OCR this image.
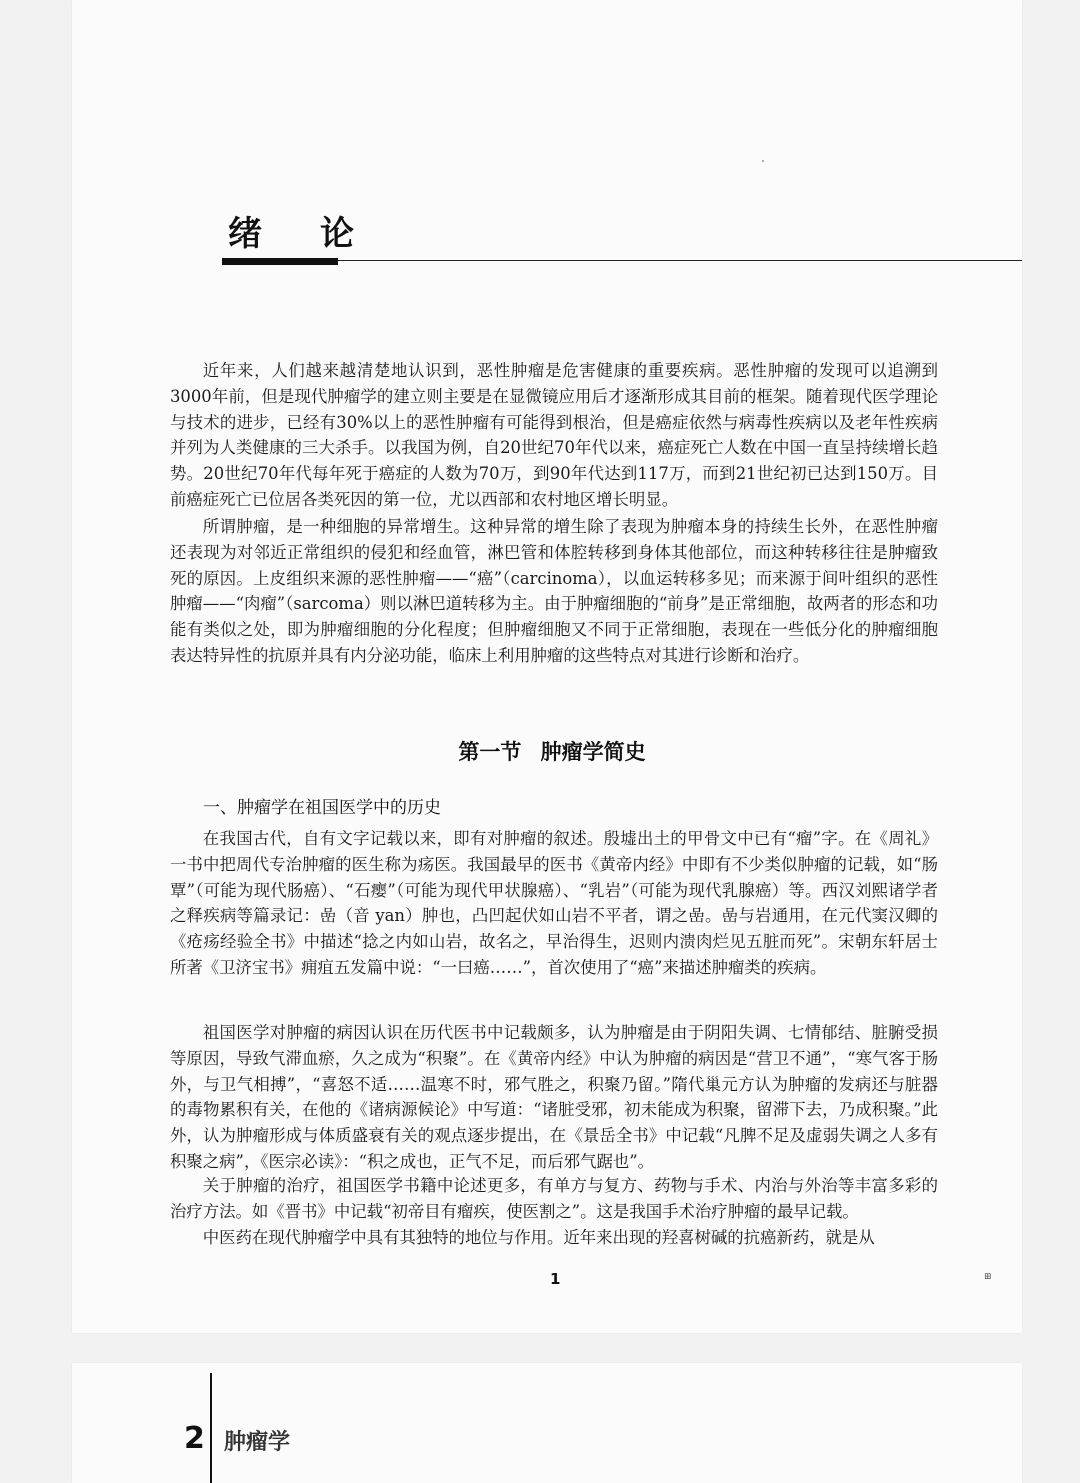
绪 论

近年来，人们越来越清楚地认识到，恶性肿瘤是危害健康的重要疾病。恶性肿瘤的发现可以追溯到3000年前，但是现代肿瘤学的建立则主要是在显微镜应用后才逐渐形成其目前的框架。随着现代医学理论与技术的进步，已经有30%以上的恶性肿瘤有可能得到根治，但是癌症依然与病毒性疾病以及老年性疾病并列为人类健康的三大杀手。以我国为例，自20世纪70年代以来，癌症死亡人数在中国一直呈持续增长趋势。20世纪70年代每年死于癌症的人数为70万，到90年代达到117万，而到21世纪初已达到150万。目前癌症死亡已位居各类死因的第一位，尤以西部和农村地区增长明显。

所谓肿瘤，是一种细胞的异常增生。这种异常的增生除了表现为肿瘤本身的持续生长外，在恶性肿瘤还表现为对邻近正常组织的侵犯和经血管，淋巴管和体腔转移到身体其他部位，而这种转移往往是肿瘤致死的原因。上皮组织来源的恶性肿瘤——“癌”（carcinoma），以血运转移多见；而来源于间叶组织的恶性肿瘤——“肉瘤”（sarcoma）则以淋巴道转移为主。由于肿瘤细胞的“前身”是正常细胞，故两者的形态和功能有类似之处，即为肿瘤细胞的分化程度；但肿瘤细胞又不同于正常细胞，表现在一些低分化的肿瘤细胞表达特异性的抗原并具有内分泌功能，临床上利用肿瘤的这些特点对其进行诊断和治疗。

第一节 肿瘤学简史
一、肿瘤学在祖国医学中的历史

在我国古代，自有文字记载以来，即有对肿瘤的叙述。殷墟出土的甲骨文中已有“瘤”字。在《周礼》一书中把周代专治肿瘤的医生称为疡医。我国最早的医书《黄帝内经》中即有不少类似肿瘤的记载，如“肠覃”（可能为现代肠癌）、“石瘿”（可能为现代甲状腺癌）、“乳岩”（可能为现代乳腺癌）等。西汉刘熙诸学者之释疾病等篇录记：嵒（音 yan）肿也，凸凹起伏如山岩不平者，谓之嵒。嵒与岩通用，在元代窦汉卿的《疮疡经验全书》中描述“捻之内如山岩，故名之，早治得生，迟则内溃肉烂见五脏而死”。宋朝东轩居士所著《卫济宝书》痈疽五发篇中说：“一曰癌……”，首次使用了“癌”来描述肿瘤类的疾病。

祖国医学对肿瘤的病因认识在历代医书中记载颇多，认为肿瘤是由于阴阳失调、七情郁结、脏腑受损等原因，导致气滞血瘀，久之成为“积聚”。在《黄帝内经》中认为肿瘤的病因是“营卫不通”，“寒气客于肠外，与卫气相搏”，“喜怒不适……温寒不时，邪气胜之，积聚乃留。”隋代巢元方认为肿瘤的发病还与脏器的毒物累积有关，在他的《诸病源候论》中写道：“诸脏受邪，初未能成为积聚，留滞下去，乃成积聚。”此外，认为肿瘤形成与体质盛衰有关的观点逐步提出，在《景岳全书》中记载“凡脾不足及虚弱失调之人多有积聚之病”，《医宗必读》：“积之成也，正气不足，而后邪气踞也”。

关于肿瘤的治疗，祖国医学书籍中论述更多，有单方与复方、药物与手术、内治与外治等丰富多彩的治疗方法。如《晋书》中记载“初帝目有瘤疾，使医割之”。这是我国手术治疗肿瘤的最早记载。

中医药在现代肿瘤学中具有其独特的地位与作用。近年来出现的羟喜树碱的抗癌新药，就是从

1	⊞
2 肿瘤学
